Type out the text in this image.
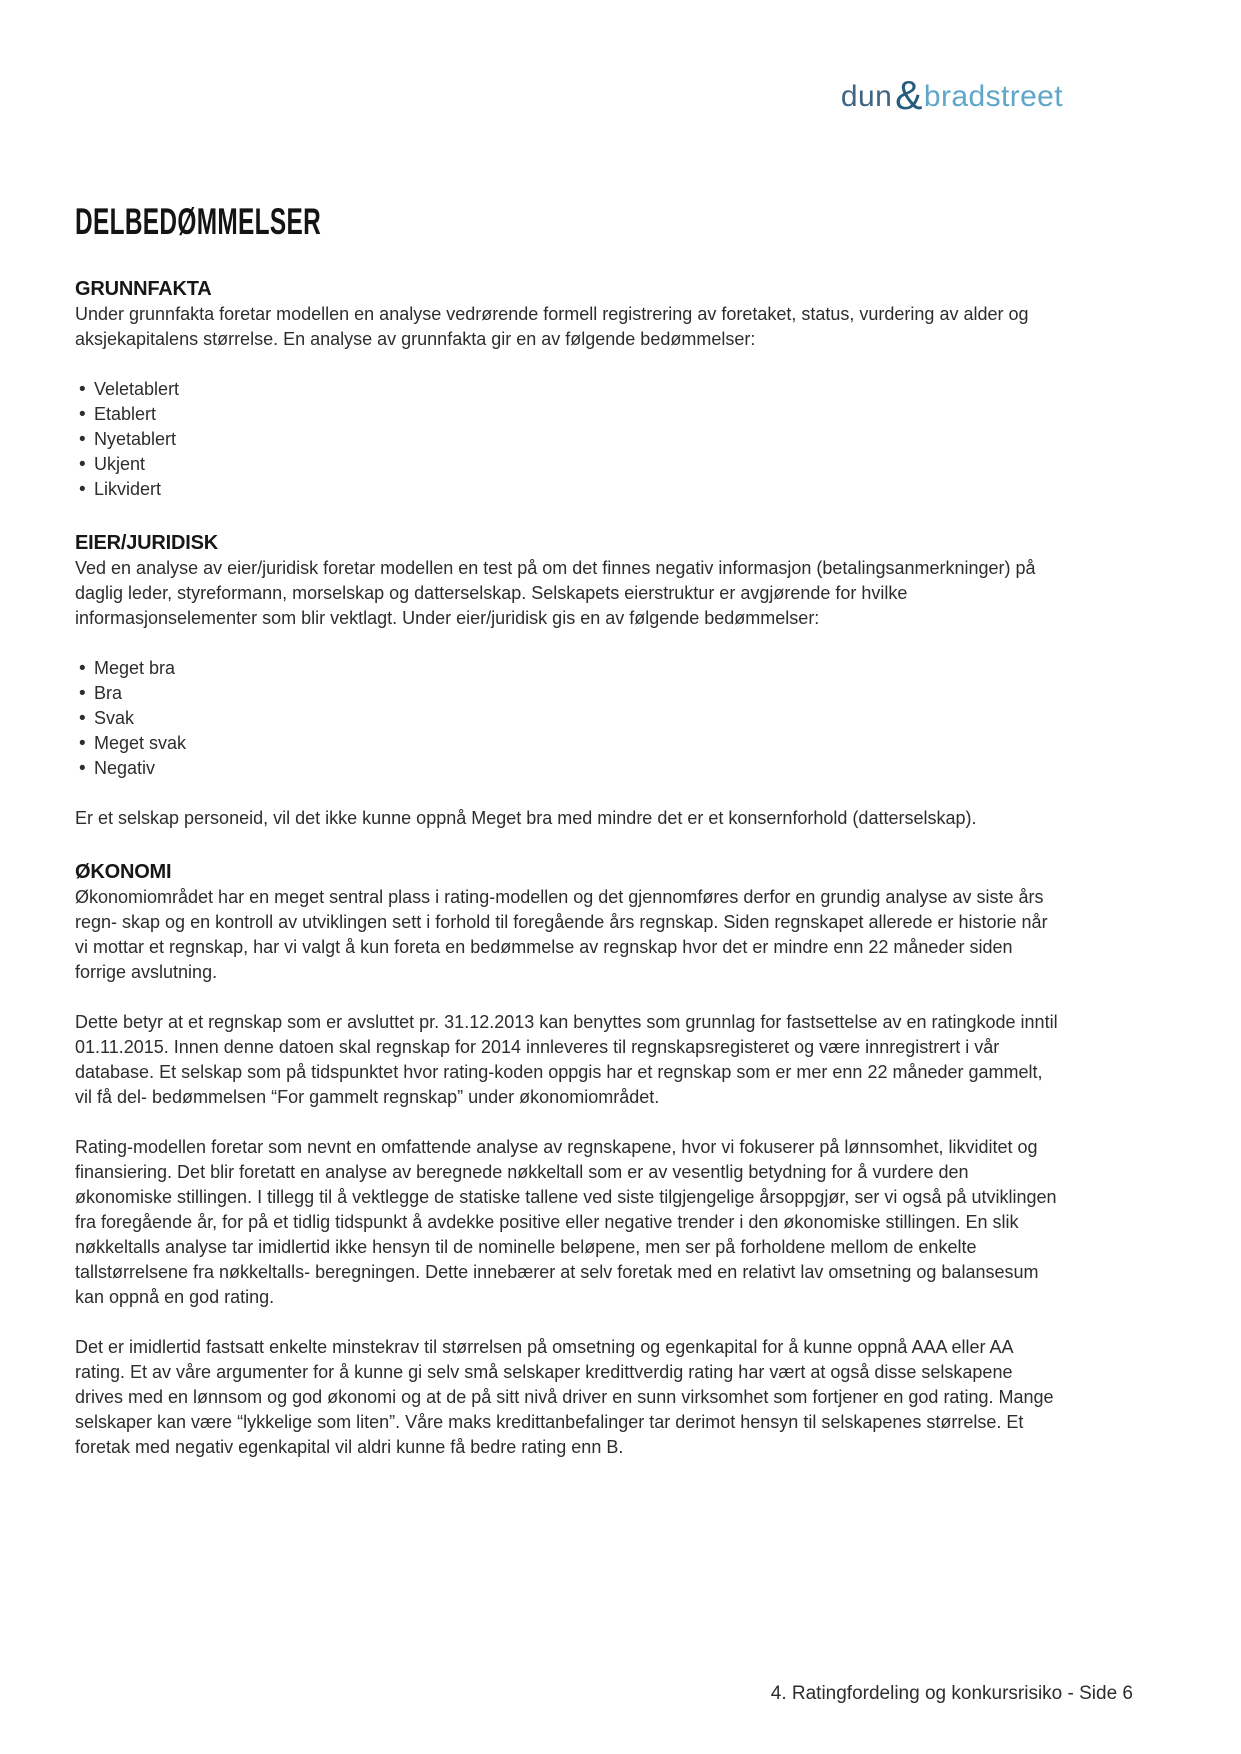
dun&bradstreet
DELBEDØMMELSER
GRUNNFAKTA

Under grunnfakta foretar modellen en analyse vedrørende formell registrering av foretaket, status, vurdering av alder og aksjekapitalens størrelse. En analyse av grunnfakta gir en av følgende bedømmelser:

• Veletablert
• Etablert
• Nyetablert
• Ukjent
• Likvidert
EIER/JURIDISK

Ved en analyse av eier/juridisk foretar modellen en test på om det finnes negativ informasjon (betalingsanmerkninger) på daglig leder, styreformann, morselskap og datterselskap. Selskapets eierstruktur er avgjørende for hvilke informasjonselementer som blir vektlagt. Under eier/juridisk gis en av følgende bedømmelser:

• Meget bra
• Bra
• Svak
• Meget svak
• Negativ

Er et selskap personeid, vil det ikke kunne oppnå Meget bra med mindre det er et konsernforhold (datterselskap).

ØKONOMI

Økonomiområdet har en meget sentral plass i rating-modellen og det gjennomføres derfor en grundig analyse av siste års regn- skap og en kontroll av utviklingen sett i forhold til foregående års regnskap. Siden regnskapet allerede er historie når vi mottar et regnskap, har vi valgt å kun foreta en bedømmelse av regnskap hvor det er mindre enn 22 måneder siden forrige avslutning.

Dette betyr at et regnskap som er avsluttet pr. 31.12.2013 kan benyttes som grunnlag for fastsettelse av en ratingkode inntil 01.11.2015. Innen denne datoen skal regnskap for 2014 innleveres til regnskapsregisteret og være innregistrert i vår database. Et selskap som på tidspunktet hvor rating-koden oppgis har et regnskap som er mer enn 22 måneder gammelt, vil få del- bedømmelsen “For gammelt regnskap” under økonomiområdet.

Rating-modellen foretar som nevnt en omfattende analyse av regnskapene, hvor vi fokuserer på lønnsomhet, likviditet og finansiering. Det blir foretatt en analyse av beregnede nøkkeltall som er av vesentlig betydning for å vurdere den økonomiske stillingen. I tillegg til å vektlegge de statiske tallene ved siste tilgjengelige årsoppgjør, ser vi også på utviklingen fra foregående år, for på et tidlig tidspunkt å avdekke positive eller negative trender i den økonomiske stillingen. En slik nøkkeltalls analyse tar imidlertid ikke hensyn til de nominelle beløpene, men ser på forholdene mellom de enkelte tallstørrelsene fra nøkkeltalls- beregningen. Dette innebærer at selv foretak med en relativt lav omsetning og balansesum kan oppnå en god rating.

Det er imidlertid fastsatt enkelte minstekrav til størrelsen på omsetning og egenkapital for å kunne oppnå AAA eller AA rating. Et av våre argumenter for å kunne gi selv små selskaper kredittverdig rating har vært at også disse selskapene drives med en lønnsom og god økonomi og at de på sitt nivå driver en sunn virksomhet som fortjener en god rating. Mange selskaper kan være “lykkelige som liten”. Våre maks kredittanbefalinger tar derimot hensyn til selskapenes størrelse. Et foretak med negativ egenkapital vil aldri kunne få bedre rating enn B.

4. Ratingfordeling og konkursrisiko - Side 6
